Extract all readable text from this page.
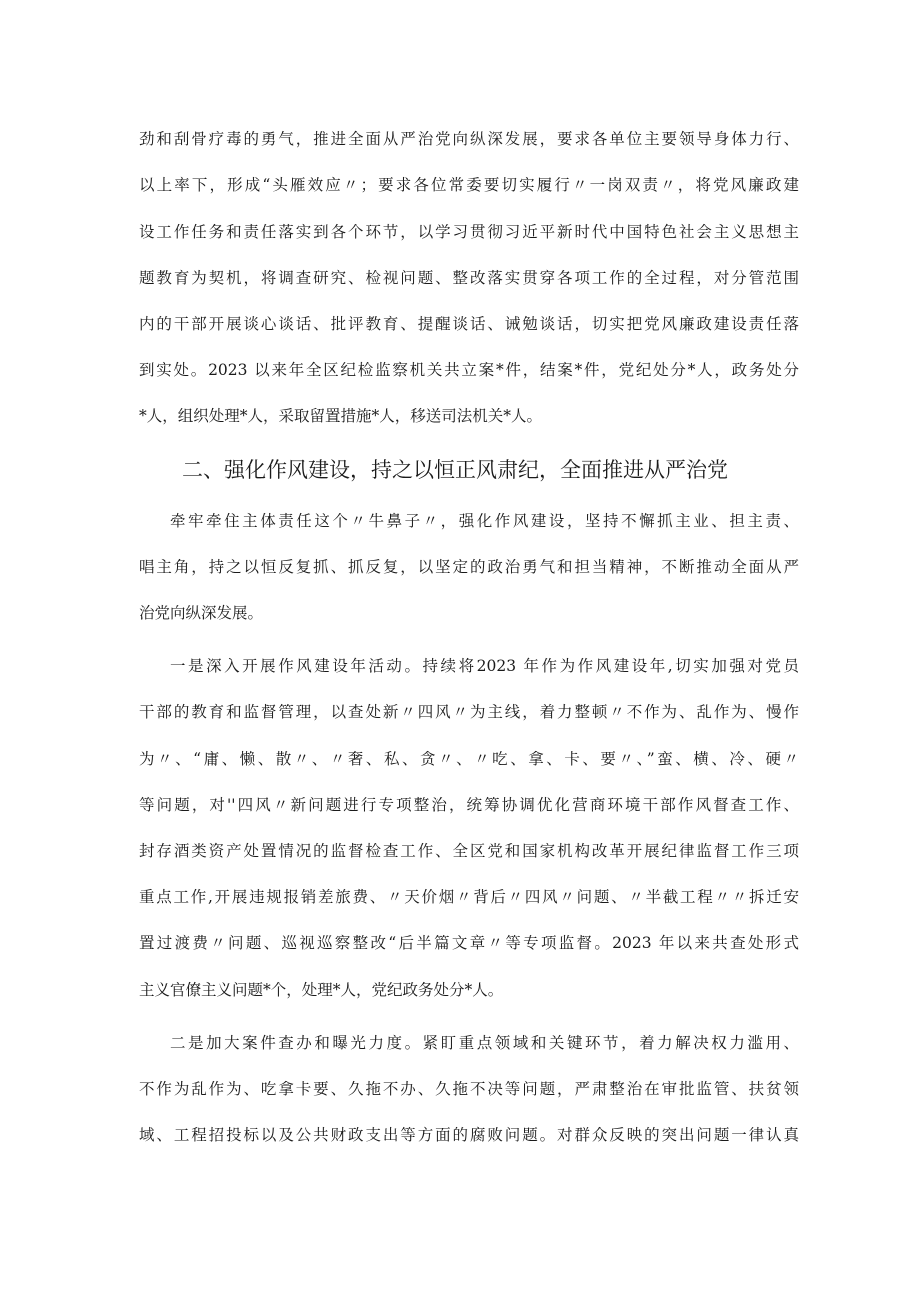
劲和刮骨疗毒的勇气，推进全面从严治党向纵深发展，要求各单位主要领导身体力行、
以上率下，形成“头雁效应〃；要求各位常委要切实履行〃一岗双责〃，将党风廉政建
设工作任务和责任落实到各个环节，以学习贯彻习近平新时代中国特色社会主义思想主
题教育为契机，将调查研究、检视问题、整改落实贯穿各项工作的全过程，对分管范围
内的干部开展谈心谈话、批评教育、提醒谈话、诫勉谈话，切实把党风廉政建设责任落
到实处。2023 以来年全区纪检监察机关共立案*件，结案*件，党纪处分*人，政务处分
*人，组织处理*人，采取留置措施*人，移送司法机关*人。
二、强化作风建设，持之以恒正风肃纪，全面推进从严治党
牵牢牵住主体责任这个〃牛鼻子〃，强化作风建设，坚持不懈抓主业、担主责、
唱主角，持之以恒反复抓、抓反复，以坚定的政治勇气和担当精神，不断推动全面从严
治党向纵深发展。
一是深入开展作风建设年活动。持续将2023 年作为作风建设年,切实加强对党员
干部的教育和监督管理，以查处新〃四风〃为主线，着力整顿〃不作为、乱作为、慢作
为〃、“庸、懒、散〃、〃奢、私、贪〃、〃吃、拿、卡、要〃、”蛮、横、冷、硬〃
等问题，对''四风〃新问题进行专项整治，统筹协调优化营商环境干部作风督查工作、
封存酒类资产处置情况的监督检查工作、全区党和国家机构改革开展纪律监督工作三项
重点工作,开展违规报销差旅费、〃天价烟〃背后〃四风〃问题、〃半截工程〃〃拆迁安
置过渡费〃问题、巡视巡察整改“后半篇文章〃等专项监督。2023 年以来共查处形式
主义官僚主义问题*个，处理*人，党纪政务处分*人。
二是加大案件查办和曝光力度。紧盯重点领域和关键环节，着力解决权力滥用、
不作为乱作为、吃拿卡要、久拖不办、久拖不决等问题，严肃整治在审批监管、扶贫领
域、工程招投标以及公共财政支出等方面的腐败问题。对群众反映的突出问题一律认真
